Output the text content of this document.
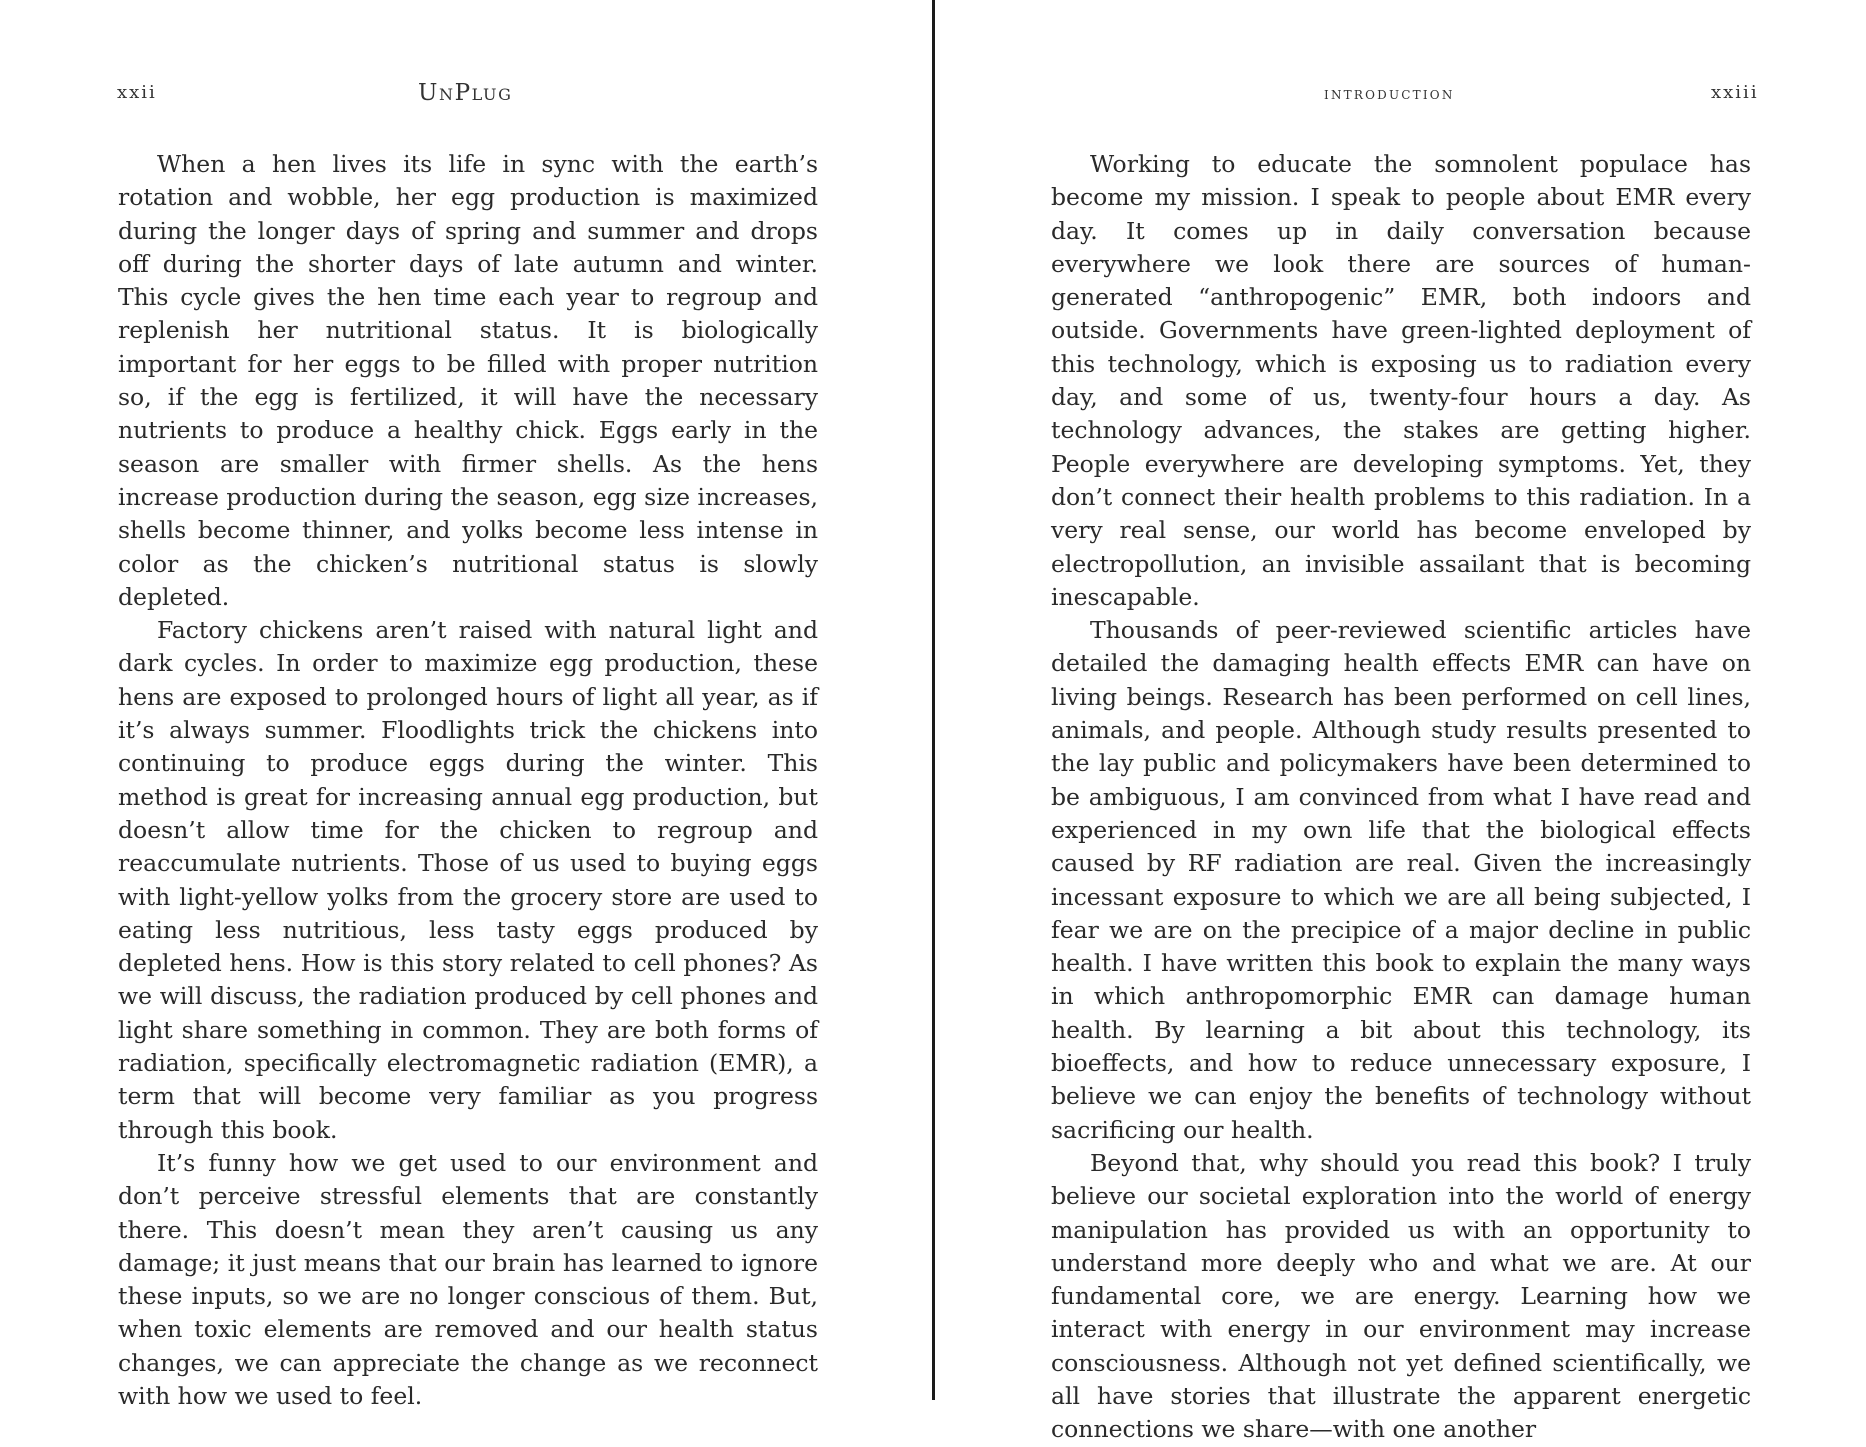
xxii	UnPlug

When a hen lives its life in sync with the earth’s rotation and wobble, her egg production is maximized during the longer days of spring and summer and drops off during the shorter days of late autumn and winter. This cycle gives the hen time each year to regroup and replenish her nutritional status. It is biologically important for her eggs to be filled with proper nutrition so, if the egg is fertilized, it will have the necessary nutrients to produce a healthy chick. Eggs early in the season are smaller with firmer shells. As the hens increase production during the season, egg size increases, shells become thinner, and yolks become less intense in color as the chicken’s nutritional status is slowly depleted.

Factory chickens aren’t raised with natural light and dark cycles. In order to maximize egg production, these hens are exposed to prolonged hours of light all year, as if it’s always summer. Floodlights trick the chickens into continuing to produce eggs during the winter. This method is great for increasing annual egg production, but doesn’t allow time for the chicken to regroup and reaccumulate nutrients. Those of us used to buying eggs with light-yellow yolks from the grocery store are used to eating less nutritious, less tasty eggs produced by depleted hens. How is this story related to cell phones? As we will discuss, the radiation produced by cell phones and light share something in common. They are both forms of radiation, specifically electromagnetic radiation (EMR), a term that will become very familiar as you progress through this book.

It’s funny how we get used to our environment and don’t perceive stressful elements that are constantly there. This doesn’t mean they aren’t causing us any damage; it just means that our brain has learned to ignore these inputs, so we are no longer conscious of them. But, when toxic elements are removed and our health status changes, we can appreciate the change as we reconnect with how we used to feel.

introduction	xxiii

Working to educate the somnolent populace has become my mission. I speak to people about EMR every day. It comes up in daily conversation because everywhere we look there are sources of human-generated “anthropogenic” EMR, both indoors and outside. Governments have green-lighted deployment of this technology, which is exposing us to radiation every day, and some of us, twenty-four hours a day. As technology advances, the stakes are getting higher. People everywhere are developing symptoms. Yet, they don’t connect their health problems to this radiation. In a very real sense, our world has become enveloped by electropollution, an invisible assailant that is becoming inescapable.

Thousands of peer-reviewed scientific articles have detailed the damaging health effects EMR can have on living beings. Research has been performed on cell lines, animals, and people. Although study results presented to the lay public and policymakers have been determined to be ambiguous, I am convinced from what I have read and experienced in my own life that the biological effects caused by RF radiation are real. Given the increasingly incessant exposure to which we are all being subjected, I fear we are on the precipice of a major decline in public health. I have written this book to explain the many ways in which anthropomorphic EMR can damage human health. By learning a bit about this technology, its bioeffects, and how to reduce unnecessary exposure, I believe we can enjoy the benefits of technology without sacrificing our health.

Beyond that, why should you read this book? I truly believe our societal exploration into the world of energy manipulation has provided us with an opportunity to understand more deeply who and what we are. At our fundamental core, we are energy. Learning how we interact with energy in our environment may increase consciousness. Although not yet defined scientifically, we all have stories that illustrate the apparent energetic connections we share—with one another
